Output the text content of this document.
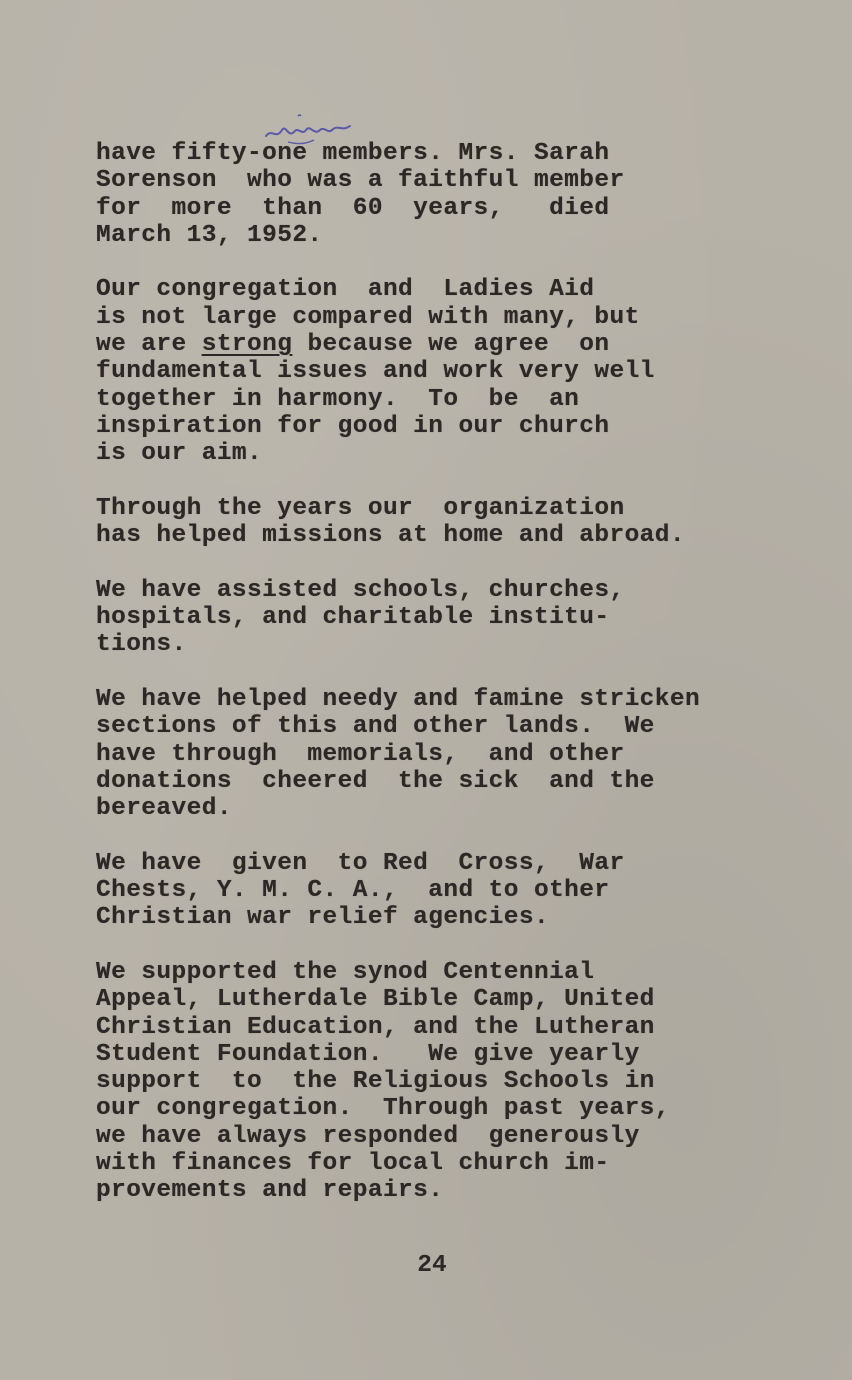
have fifty-one members. Mrs. Sarah
Sorenson  who was a faithful member
for  more  than  60  years,   died
March 13, 1952.
Our congregation  and  Ladies Aid
is not large compared with many, but
we are strong because we agree  on
fundamental issues and work very well
together in harmony.  To  be  an
inspiration for good in our church
is our aim.
Through the years our  organization
has helped missions at home and abroad.
We have assisted schools, churches,
hospitals, and charitable institu-
tions.
We have helped needy and famine stricken
sections of this and other lands.  We
have through  memorials,  and other
donations  cheered  the sick  and the
bereaved.
We have  given  to Red  Cross,  War
Chests, Y. M. C. A.,  and to other
Christian war relief agencies.
We supported the synod Centennial
Appeal, Lutherdale Bible Camp, United
Christian Education, and the Lutheran
Student Foundation.   We give yearly
support  to  the Religious Schools in
our congregation.  Through past years,
we have always responded  generously
with finances for local church im-
provements and repairs.
24
